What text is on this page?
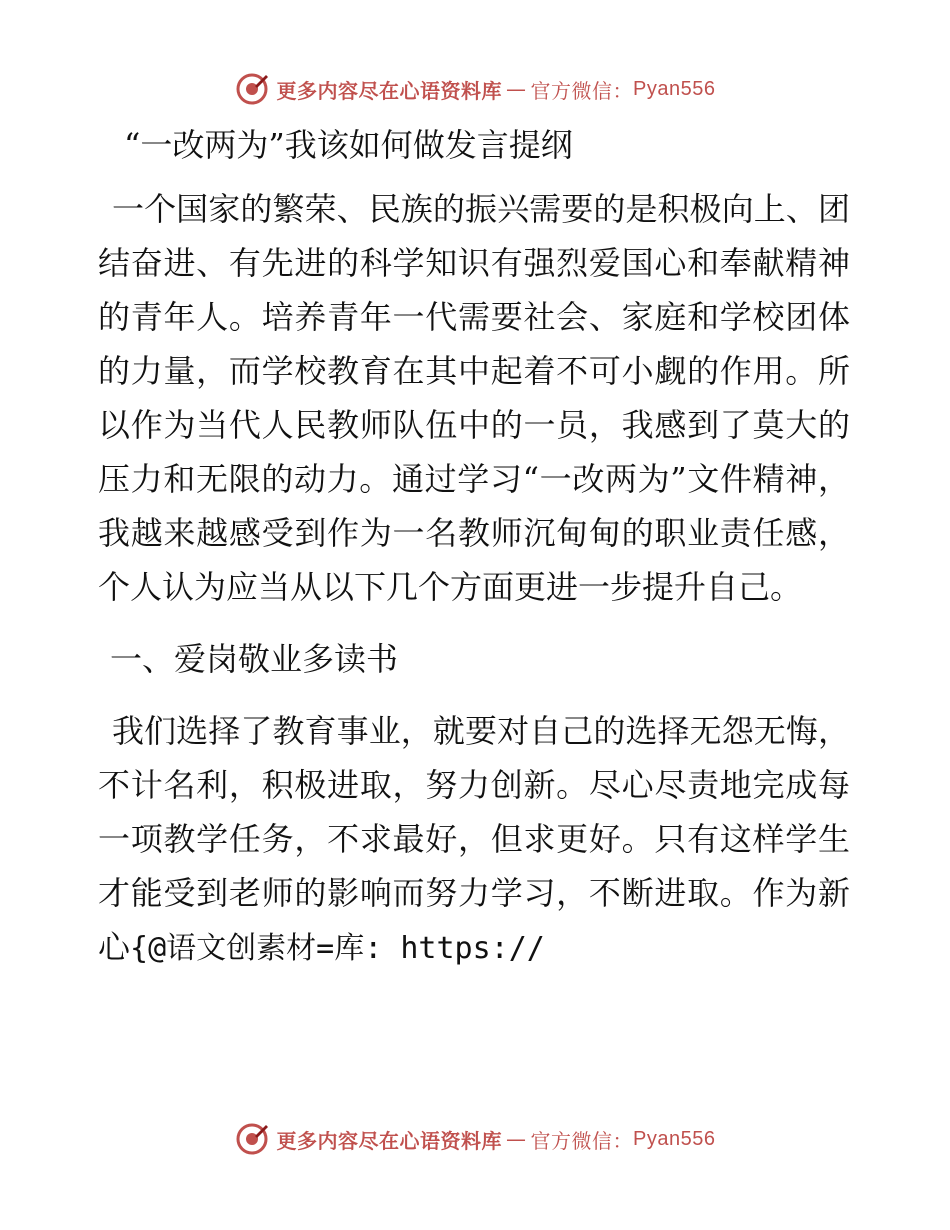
更多内容尽在心语资料库 — 官方微信： Pyan556
“一改两为”我该如何做发言提纲

一个国家的繁荣、民族的振兴需要的是积极向上、团结奋进、有先进的科学知识有强烈爱国心和奉献精神的青年人。培养青年一代需要社会、家庭和学校团体的力量，而学校教育在其中起着不可小觑的作用。所以作为当代人民教师队伍中的一员，我感到了莫大的压力和无限的动力。通过学习“一改两为”文件精神，我越来越感受到作为一名教师沉甸甸的职业责任感，个人认为应当从以下几个方面更进一步提升自己。

一、爱岗敬业多读书

我们选择了教育事业，就要对自己的选择无怨无悔，不计名利，积极进取，努力创新。尽心尽责地完成每一项教学任务，不求最好，但求更好。只有这样学生才能受到老师的影响而努力学习，不断进取。作为新心{@语文创素材=库: https://

更多内容尽在心语资料库 — 官方微信： Pyan556
